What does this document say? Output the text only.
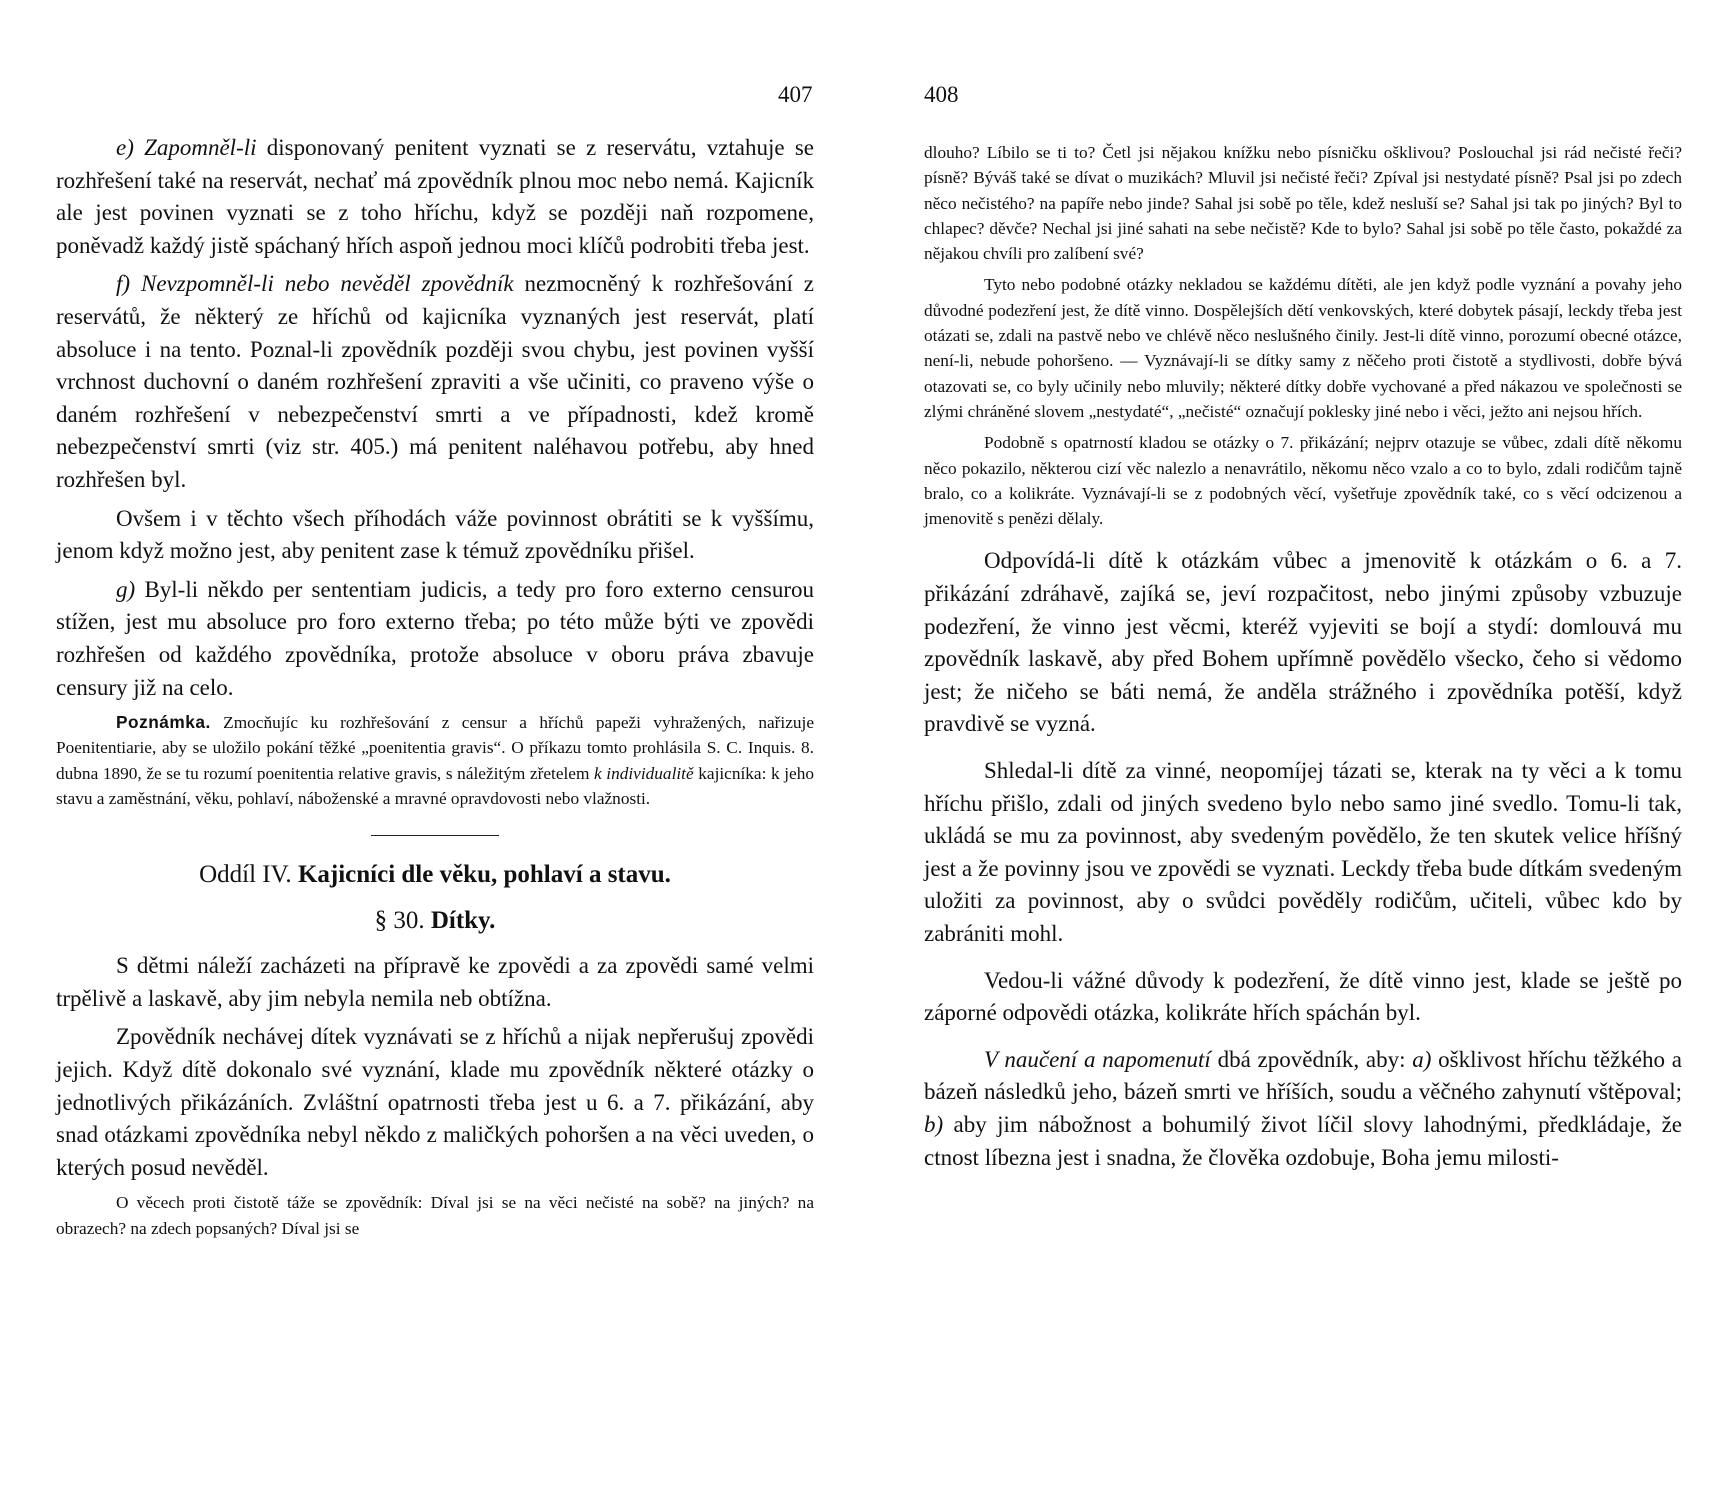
407

e) Zapomněl-li disponovaný penitent vyznati se z reservátu, vztahuje se rozhřešení také na reservát, nechať má zpovědník plnou moc nebo nemá. Kajicník ale jest povinen vyznati se z toho hříchu, když se později naň rozpomene, poněvadž každý jistě spáchaný hřích aspoň jednou moci klíčů podrobiti třeba jest.

f) Nevzpomněl-li nebo nevěděl zpovědník nezmocněný k rozhřešování z reservátů, že některý ze hříchů od kajicníka vyznaných jest reservát, platí absoluce i na tento. Poznal-li zpovědník později svou chybu, jest povinen vyšší vrchnost duchovní o daném rozhřešení zpraviti a vše učiniti, co praveno výše o daném rozhřešení v nebezpečenství smrti a ve případnosti, kdež kromě nebezpečenství smrti (viz str. 405.) má penitent naléhavou potřebu, aby hned rozhřešen byl.

Ovšem i v těchto všech příhodách váže povinnost obrátiti se k vyššímu, jenom když možno jest, aby penitent zase k témuž zpovědníku přišel.

g) Byl-li někdo per sententiam judicis, a tedy pro foro externo censurou stížen, jest mu absoluce pro foro externo třeba; po této může býti ve zpovědi rozhřešen od každého zpovědníka, protože absoluce v oboru práva zbavuje censury již na celo.

Poznámka. Zmocňujíc ku rozhřešování z censur a hříchů papeži vyhražených, nařizuje Poenitentiarie, aby se uložilo pokání těžké „poenitentia gravis“. O příkazu tomto prohlásila S. C. Inquis. 8. dubna 1890, že se tu rozumí poenitentia relative gravis, s náležitým zřetelem k individualitě kajicníka: k jeho stavu a zaměstnání, věku, pohlaví, náboženské a mravné opravdovosti nebo vlažnosti.

Oddíl IV. Kajicníci dle věku, pohlaví a stavu.

§ 30. Dítky.

S dětmi náleží zacházeti na přípravě ke zpovědi a za zpovědi samé velmi trpělivě a laskavě, aby jim nebyla nemila neb obtížna.

Zpovědník nechávej dítek vyznávati se z hříchů a nijak nepřerušuj zpovědi jejich. Když dítě dokonalo své vyznání, klade mu zpovědník některé otázky o jednotlivých přikázáních. Zvláštní opatrnosti třeba jest u 6. a 7. přikázání, aby snad otázkami zpovědníka nebyl někdo z maličkých pohoršen a na věci uveden, o kterých posud nevěděl.

O věcech proti čistotě táže se zpovědník: Díval jsi se na věci nečisté na sobě? na jiných? na obrazech? na zdech popsaných? Díval jsi se

408

dlouho? Líbilo se ti to? Četl jsi nějakou knížku nebo písničku ošklivou? Poslouchal jsi rád nečisté řeči? písně? Býváš také se dívat o muzikách? Mluvil jsi nečisté řeči? Zpíval jsi nestydaté písně? Psal jsi po zdech něco nečistého? na papíře nebo jinde? Sahal jsi sobě po těle, kdež nesluší se? Sahal jsi tak po jiných? Byl to chlapec? děvče? Nechal jsi jiné sahati na sebe nečistě? Kde to bylo? Sahal jsi sobě po těle často, pokaždé za nějakou chvíli pro zalíbení své?

Tyto nebo podobné otázky nekladou se každému dítěti, ale jen když podle vyznání a povahy jeho důvodné podezření jest, že dítě vinno. Dospělejších dětí venkovských, které dobytek pásají, leckdy třeba jest otázati se, zdali na pastvě nebo ve chlévě něco neslušného činily. Jest-li dítě vinno, porozumí obecné otázce, není-li, nebude pohoršeno. — Vyznávají-li se dítky samy z něčeho proti čistotě a stydlivosti, dobře bývá otazovati se, co byly učinily nebo mluvily; některé dítky dobře vychované a před nákazou ve společnosti se zlými chráněné slovem „nestydaté“, „nečisté“ označují poklesky jiné nebo i věci, ježto ani nejsou hřích.

Podobně s opatrností kladou se otázky o 7. přikázání; nejprv otazuje se vůbec, zdali dítě někomu něco pokazilo, některou cizí věc nalezlo a nenavrátilo, někomu něco vzalo a co to bylo, zdali rodičům tajně bralo, co a kolikráte. Vyznávají-li se z podobných věcí, vyšetřuje zpovědník také, co s věcí odcizenou a jmenovitě s penězi dělaly.

Odpovídá-li dítě k otázkám vůbec a jmenovitě k otázkám o 6. a 7. přikázání zdráhavě, zajíká se, jeví rozpačitost, nebo jinými způsoby vzbuzuje podezření, že vinno jest věcmi, kteréž vyjeviti se bojí a stydí: domlouvá mu zpovědník laskavě, aby před Bohem upřímně povědělo všecko, čeho si vědomo jest; že ničeho se báti nemá, že anděla strážného i zpovědníka potěší, když pravdivě se vyzná.

Shledal-li dítě za vinné, neopomíjej tázati se, kterak na ty věci a k tomu hříchu přišlo, zdali od jiných svedeno bylo nebo samo jiné svedlo. Tomu-li tak, ukládá se mu za povinnost, aby svedeným povědělo, že ten skutek velice hříšný jest a že povinny jsou ve zpovědi se vyznati. Leckdy třeba bude dítkám svedeným uložiti za povinnost, aby o svůdci pověděly rodičům, učiteli, vůbec kdo by zabrániti mohl.

Vedou-li vážné důvody k podezření, že dítě vinno jest, klade se ještě po záporné odpovědi otázka, kolikráte hřích spáchán byl.

V naučení a napomenutí dbá zpovědník, aby: a) ošklivost hříchu těžkého a bázeň následků jeho, bázeň smrti ve hříších, soudu a věčného zahynutí vštěpoval; b) aby jim nábožnost a bohumilý život líčil slovy lahodnými, předkládaje, že ctnost líbezna jest i snadna, že člověka ozdobuje, Boha jemu milosti-
